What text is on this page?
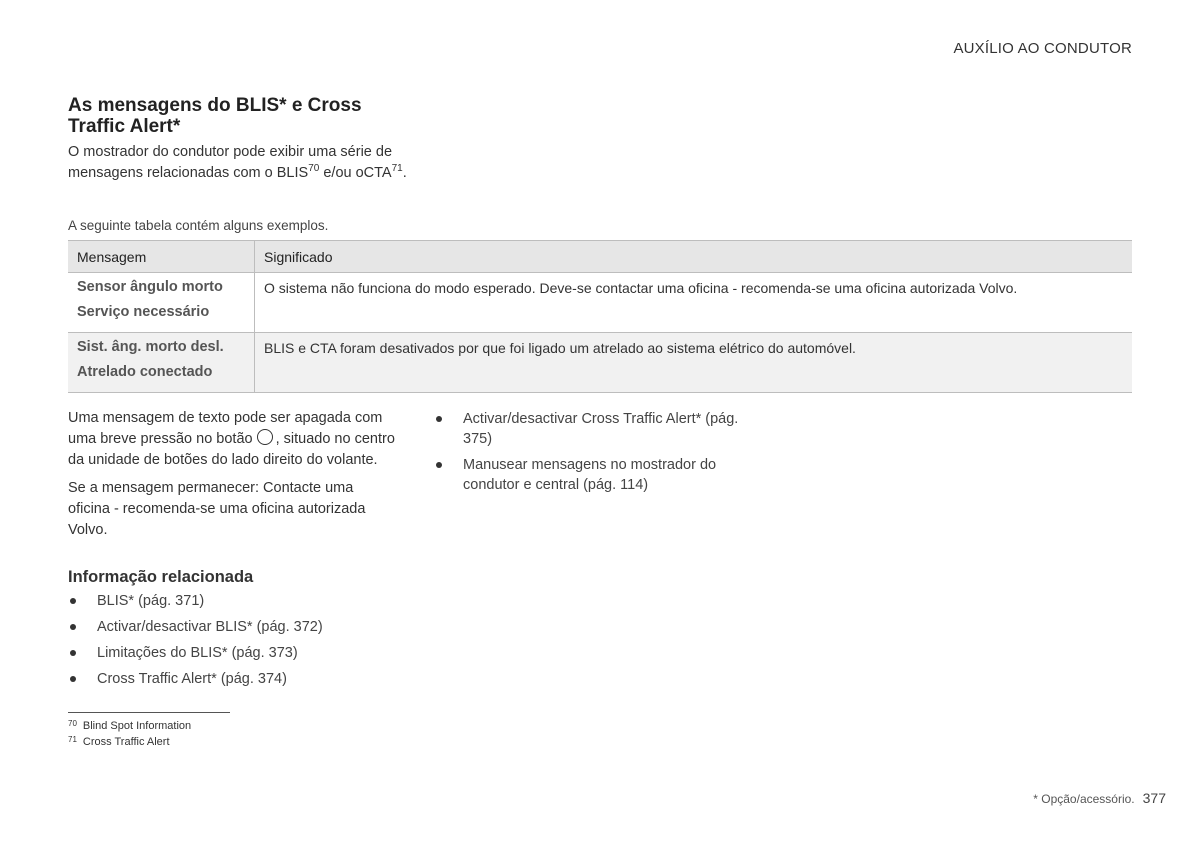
AUXÍLIO AO CONDUTOR
As mensagens do BLIS* e Cross
Traffic Alert*
O mostrador do condutor pode exibir uma série de mensagens relacionadas com o BLIS$^{70}$ e/ou oCTA$^{71}$.
A seguinte tabela contém alguns exemplos.
Mensagem	Significado

Sensor ângulo morto
Serviço necessário	O sistema não funciona do modo esperado. Deve-se contactar uma oficina - recomenda-se uma oficina autorizada Volvo.

Sist. âng. morto desl.
Atrelado conectado	BLIS e CTA foram desativados por que foi ligado um atrelado ao sistema elétrico do automóvel.

Uma mensagem de texto pode ser apagada com uma breve pressão no botão , situado no centro da unidade de botões do lado direito do volante.

Se a mensagem permanecer: Contacte uma oficina - recomenda-se uma oficina autorizada Volvo.

Informação relacionada
BLIS* (pág. 371)
Activar/desactivar BLIS* (pág. 372)
Limitações do BLIS* (pág. 373)
Cross Traffic Alert* (pág. 374)
Activar/desactivar Cross Traffic Alert* (pág. 375)
Manusear mensagens no mostrador do condutor e central (pág. 114)
$^{70}$ Blind Spot Information
$^{71}$ Cross Traffic Alert
* Opção/acessório. 377
